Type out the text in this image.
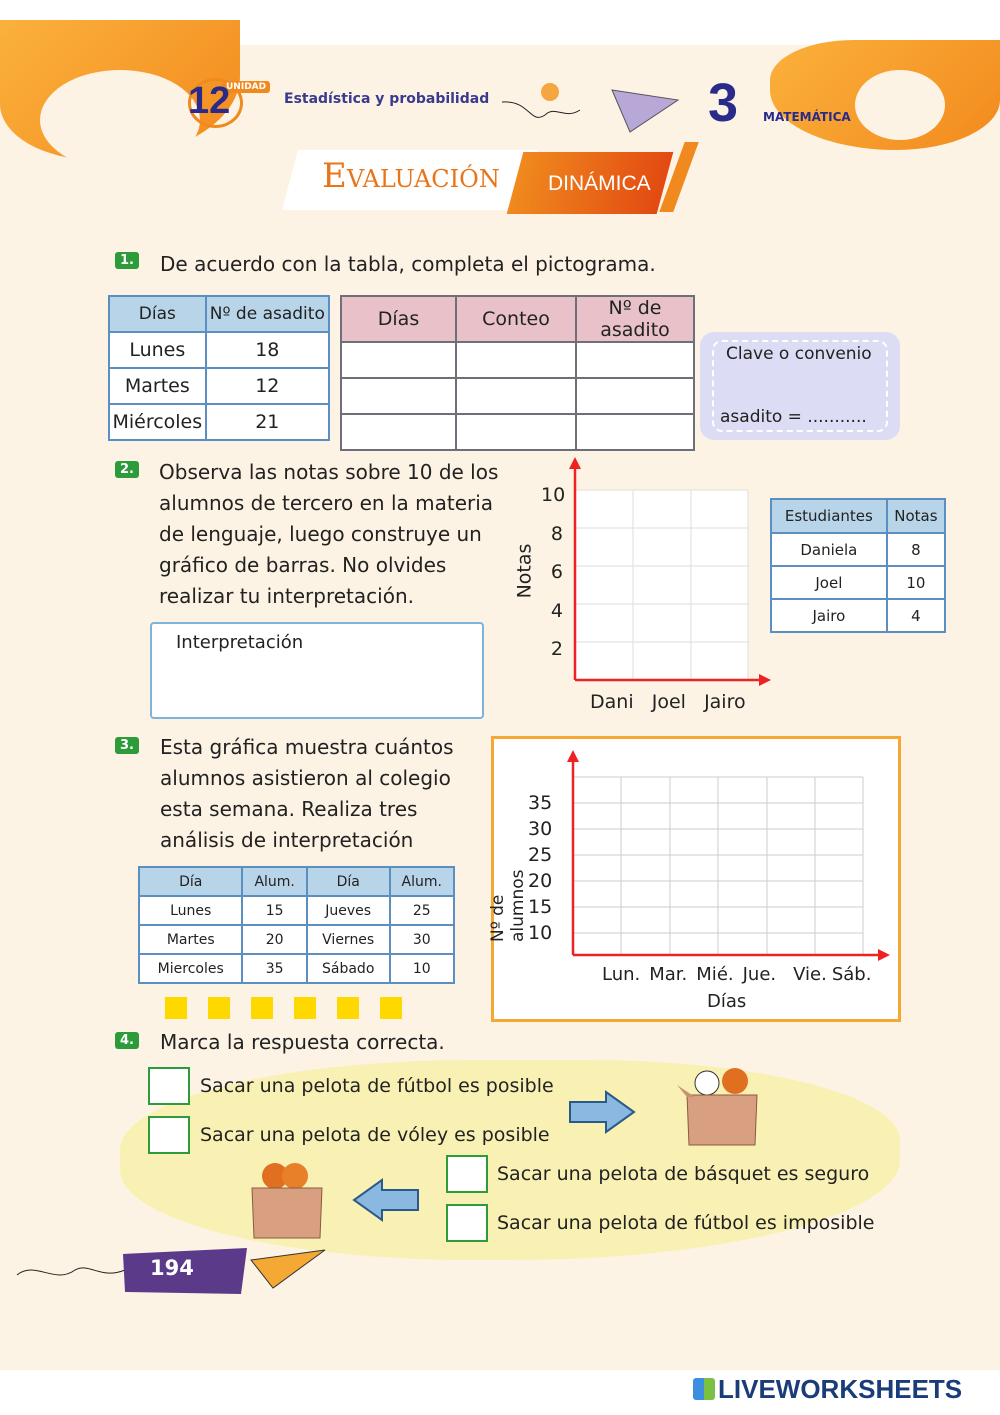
UNIDAD
12	Estadística y probabilidad	3 MATEMÁTICA
Evaluación DINÁMICA
1. De acuerdo con la tabla, completa el pictograma.
Días	Nº de asadito
Lunes	18
Martes	12
Miércoles	21
Días	Conteo	Nº de asadito

Clave o convenio
asadito = ...........
2. Observa las notas sobre 10 de los
alumnos de tercero en la materia
de lenguaje, luego construye un
gráfico de barras. No olvides
realizar tu interpretación.
Interpretación
10
8
6
4
2
Notas
Dani Joel Jairo
Estudiantes	Notas
Daniela	8
Joel	10
Jairo	4
3. Esta gráfica muestra cuántos
alumnos asistieron al colegio
esta semana. Realiza tres
análisis de interpretación
Día	Alum.	Día	Alum.
Lunes	15	Jueves	25
Martes	20	Viernes	30
Miercoles	35	Sábado	10
35
30
25
20
15
10
Nº de alumnos
Lun. Mar. Mié. Jue. Vie. Sáb.
Días
4. Marca la respuesta correcta.
Sacar una pelota de fútbol es posible
Sacar una pelota de vóley es posible
Sacar una pelota de básquet es seguro
Sacar una pelota de fútbol es imposible
194
LIVEWORKSHEETS
